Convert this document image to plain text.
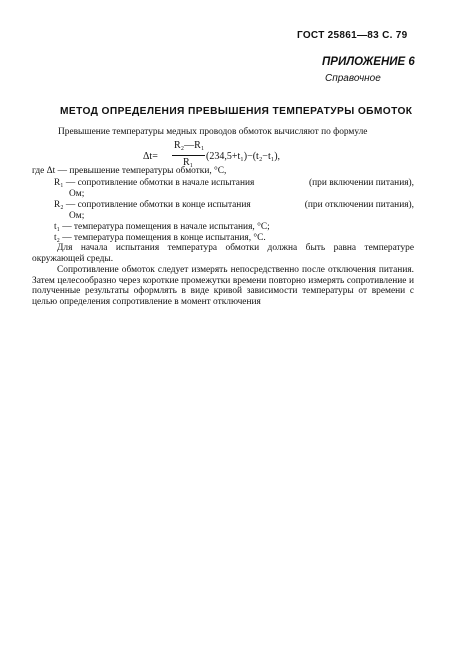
ГОСТ 25861—83 С. 79
ПРИЛОЖЕНИЕ 6
Справочное
МЕТОД ОПРЕДЕЛЕНИЯ ПРЕВЫШЕНИЯ ТЕМПЕРАТУРЫ ОБМОТОК
Превышение температуры медных проводов обмоток вычисляют по формуле
Δt=
R₂—R₁
R₁
(234,5+t₁)−(t₂−t₁),
где Δt — превышение температуры обмотки, °С,
R₁ — сопротивление обмотки в начале испытания	(при включении питания),
Ом;
R₂ — сопротивление обмотки в конце испытания	(при отключении питания),
Ом;
t₁ — температура помещения в начале испытания, °С;
t₂ — температура помещения в конце испытания, °С.
Для начала испытания температура обмотки должна быть равна температуре окружающей среды.
Сопротивление обмоток следует измерять непосредственно после отключения питания. Затем целесообразно через короткие промежутки времени повторно измерять сопротивление и полученные результаты оформлять в виде кривой зависимости температуры от времени с целью определения сопротивление в момент отключения
